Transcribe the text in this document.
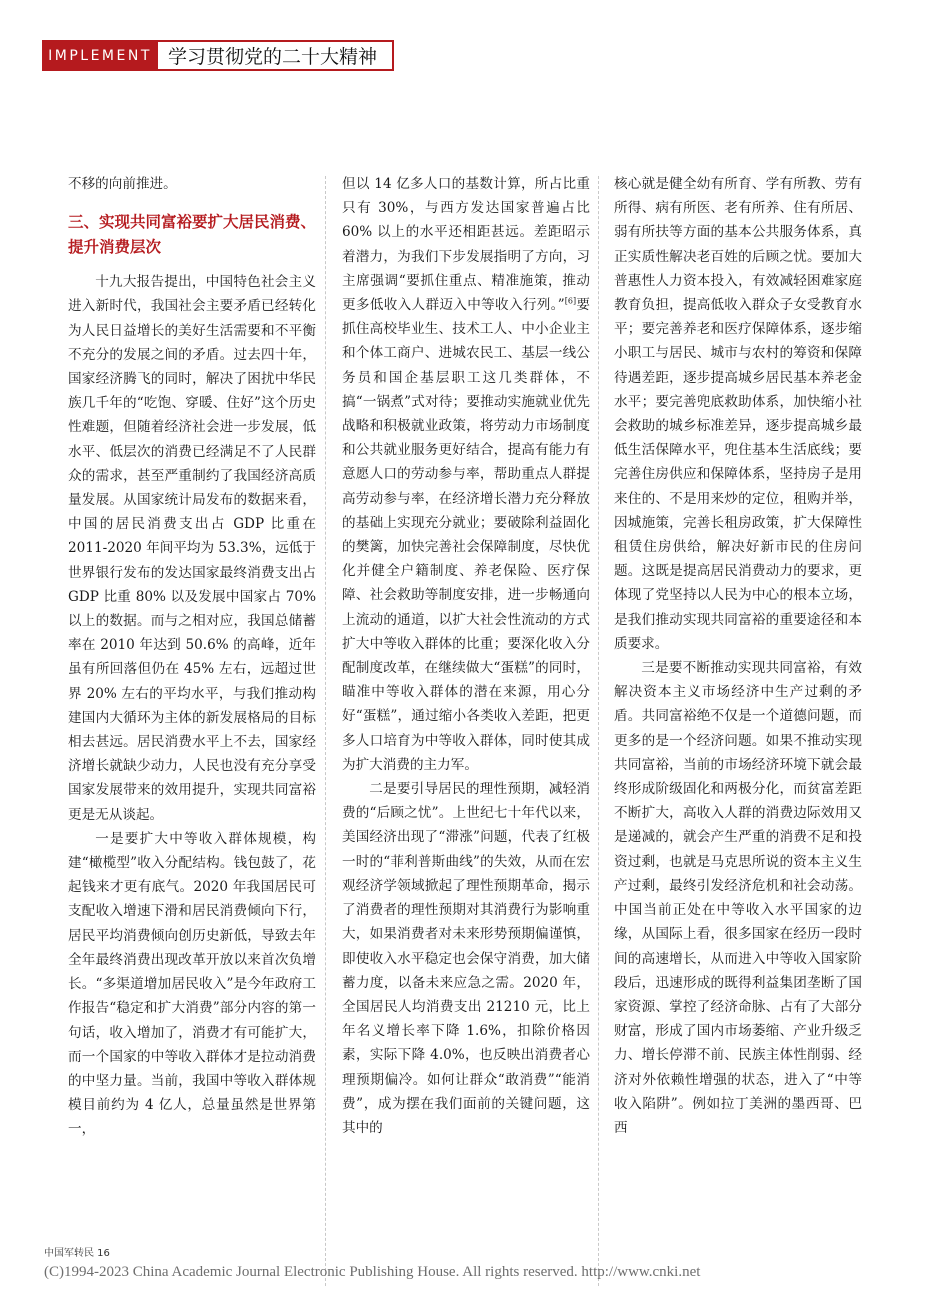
IMPLEMENT 学习贯彻党的二十大精神

不移的向前推进。

三、实现共同富裕要扩大居民消费、提升消费层次

十九大报告提出，中国特色社会主义进入新时代，我国社会主要矛盾已经转化为人民日益增长的美好生活需要和不平衡不充分的发展之间的矛盾。过去四十年，国家经济腾飞的同时，解决了困扰中华民族几千年的“吃饱、穿暖、住好”这个历史性难题，但随着经济社会进一步发展，低水平、低层次的消费已经满足不了人民群众的需求，甚至严重制约了我国经济高质量发展。从国家统计局发布的数据来看，中国的居民消费支出占 GDP 比重在 2011-2020 年间平均为 53.3%，远低于世界银行发布的发达国家最终消费支出占 GDP 比重 80% 以及发展中国家占 70% 以上的数据。而与之相对应，我国总储蓄率在 2010 年达到 50.6% 的高峰，近年虽有所回落但仍在 45% 左右，远超过世界 20% 左右的平均水平，与我们推动构建国内大循环为主体的新发展格局的目标相去甚远。居民消费水平上不去，国家经济增长就缺少动力，人民也没有充分享受国家发展带来的效用提升，实现共同富裕更是无从谈起。

一是要扩大中等收入群体规模，构建“橄榄型”收入分配结构。钱包鼓了，花起钱来才更有底气。2020 年我国居民可支配收入增速下滑和居民消费倾向下行，居民平均消费倾向创历史新低，导致去年全年最终消费出现改革开放以来首次负增长。“多渠道增加居民收入”是今年政府工作报告“稳定和扩大消费”部分内容的第一句话，收入增加了，消费才有可能扩大，而一个国家的中等收入群体才是拉动消费的中坚力量。当前，我国中等收入群体规模目前约为 4 亿人，总量虽然是世界第一，

但以 14 亿多人口的基数计算，所占比重只有 30%，与西方发达国家普遍占比 60% 以上的水平还相距甚远。差距昭示着潜力，为我们下步发展指明了方向，习主席强调“要抓住重点、精准施策，推动更多低收入人群迈入中等收入行列。”[6]要抓住高校毕业生、技术工人、中小企业主和个体工商户、进城农民工、基层一线公务员和国企基层职工这几类群体，不搞“一锅煮”式对待；要推动实施就业优先战略和积极就业政策，将劳动力市场制度和公共就业服务更好结合，提高有能力有意愿人口的劳动参与率，帮助重点人群提高劳动参与率，在经济增长潜力充分释放的基础上实现充分就业；要破除利益固化的樊篱，加快完善社会保障制度，尽快优化并健全户籍制度、养老保险、医疗保障、社会救助等制度安排，进一步畅通向上流动的通道，以扩大社会性流动的方式扩大中等收入群体的比重；要深化收入分配制度改革，在继续做大“蛋糕”的同时，瞄准中等收入群体的潜在来源，用心分好“蛋糕”，通过缩小各类收入差距，把更多人口培育为中等收入群体，同时使其成为扩大消费的主力军。

二是要引导居民的理性预期，减轻消费的“后顾之忧”。上世纪七十年代以来，美国经济出现了“滞涨”问题，代表了红极一时的“菲利普斯曲线”的失效，从而在宏观经济学领域掀起了理性预期革命，揭示了消费者的理性预期对其消费行为影响重大，如果消费者对未来形势预期偏谨慎，即使收入水平稳定也会保守消费，加大储蓄力度，以备未来应急之需。2020 年，全国居民人均消费支出 21210 元，比上年名义增长率下降 1.6%，扣除价格因素，实际下降 4.0%，也反映出消费者心理预期偏冷。如何让群众“敢消费”“能消费”，成为摆在我们面前的关键问题，这其中的

核心就是健全幼有所育、学有所教、劳有所得、病有所医、老有所养、住有所居、弱有所扶等方面的基本公共服务体系，真正实质性解决老百姓的后顾之忧。要加大普惠性人力资本投入，有效减轻困难家庭教育负担，提高低收入群众子女受教育水平；要完善养老和医疗保障体系，逐步缩小职工与居民、城市与农村的筹资和保障待遇差距，逐步提高城乡居民基本养老金水平；要完善兜底救助体系，加快缩小社会救助的城乡标准差异，逐步提高城乡最低生活保障水平，兜住基本生活底线；要完善住房供应和保障体系，坚持房子是用来住的、不是用来炒的定位，租购并举，因城施策，完善长租房政策，扩大保障性租赁住房供给，解决好新市民的住房问题。这既是提高居民消费动力的要求，更体现了党坚持以人民为中心的根本立场，是我们推动实现共同富裕的重要途径和本质要求。

三是要不断推动实现共同富裕，有效解决资本主义市场经济中生产过剩的矛盾。共同富裕绝不仅是一个道德问题，而更多的是一个经济问题。如果不推动实现共同富裕，当前的市场经济环境下就会最终形成阶级固化和两极分化，而贫富差距不断扩大，高收入人群的消费边际效用又是递减的，就会产生严重的消费不足和投资过剩，也就是马克思所说的资本主义生产过剩，最终引发经济危机和社会动荡。中国当前正处在中等收入水平国家的边缘，从国际上看，很多国家在经历一段时间的高速增长，从而进入中等收入国家阶段后，迅速形成的既得利益集团垄断了国家资源、掌控了经济命脉、占有了大部分财富，形成了国内市场萎缩、产业升级乏力、增长停滞不前、民族主体性削弱、经济对外依赖性增强的状态，进入了“中等收入陷阱”。例如拉丁美洲的墨西哥、巴西

中国军转民 16
(C)1994-2023 China Academic Journal Electronic Publishing House. All rights reserved. http://www.cnki.net
